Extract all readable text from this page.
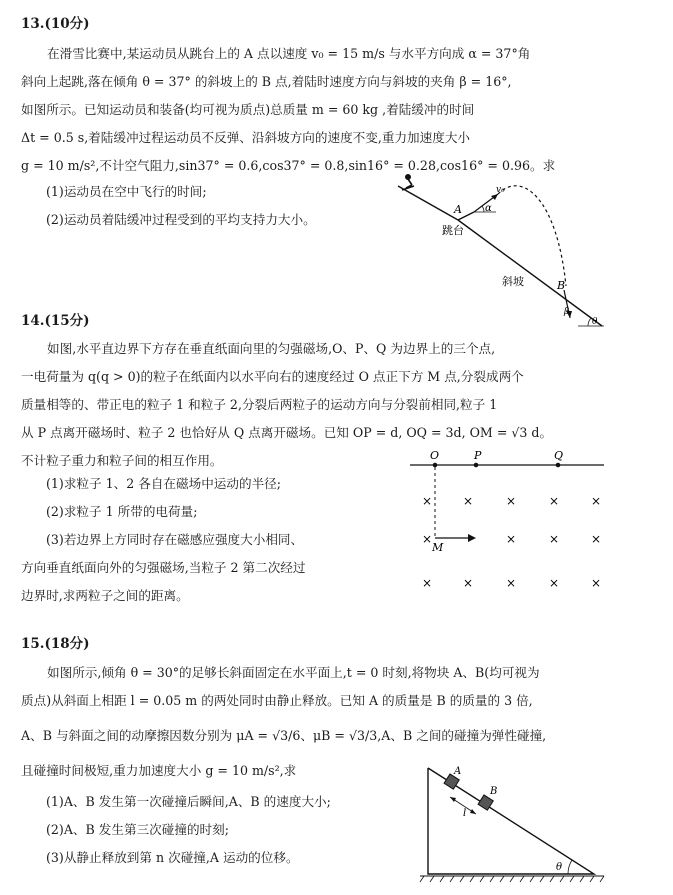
13.(10分)
在滑雪比赛中,某运动员从跳台上的 A 点以速度 v₀ = 15 m/s 与水平方向成 α = 37°角
斜向上起跳,落在倾角 θ = 37° 的斜坡上的 B 点,着陆时速度方向与斜坡的夹角 β = 16°,
如图所示。已知运动员和装备(均可视为质点)总质量 m = 60 kg ,着陆缓冲的时间
Δt = 0.5 s,着陆缓冲过程运动员不反弹、沿斜坡方向的速度不变,重力加速度大小
g = 10 m/s²,不计空气阻力,sin37° = 0.6,cos37° = 0.8,sin16° = 0.28,cos16° = 0.96。求
(1)运动员在空中飞行的时间;
(2)运动员着陆缓冲过程受到的平均支持力大小。
A α
v₀
跳台
斜坡	B
β
θ
14.(15分)
如图,水平直边界下方存在垂直纸面向里的匀强磁场,O、P、Q 为边界上的三个点,
一电荷量为 q(q > 0)的粒子在纸面内以水平向右的速度经过 O 点正下方 M 点,分裂成两个
质量相等的、带正电的粒子 1 和粒子 2,分裂后两粒子的运动方向与分裂前相同,粒子 1
从 P 点离开磁场时、粒子 2 也恰好从 Q 点离开磁场。已知 OP = d, OQ = 3d, OM = √3 d。
不计粒子重力和粒子间的相互作用。
(1)求粒子 1、2 各自在磁场中运动的半径;
(2)求粒子 1 所带的电荷量;
(3)若边界上方同时存在磁感应强度大小相同、
方向垂直纸面向外的匀强磁场,当粒子 2 第二次经过
边界时,求两粒子之间的距离。
O	P	Q
M
×	×	×	×	×
×	×	×	×
×	×	×	×	×
15.(18分)
如图所示,倾角 θ = 30°的足够长斜面固定在水平面上,t = 0 时刻,将物块 A、B(均可视为
质点)从斜面上相距 l = 0.05 m 的两处同时由静止释放。已知 A 的质量是 B 的质量的 3 倍,
A、B 与斜面之间的动摩擦因数分别为 μA = √3/6、μB = √3/3,A、B 之间的碰撞为弹性碰撞,
且碰撞时间极短,重力加速度大小 g = 10 m/s²,求
(1)A、B 发生第一次碰撞后瞬间,A、B 的速度大小;
(2)A、B 发生第三次碰撞的时刻;
(3)从静止释放到第 n 次碰撞,A 运动的位移。
A
B
l
θ
